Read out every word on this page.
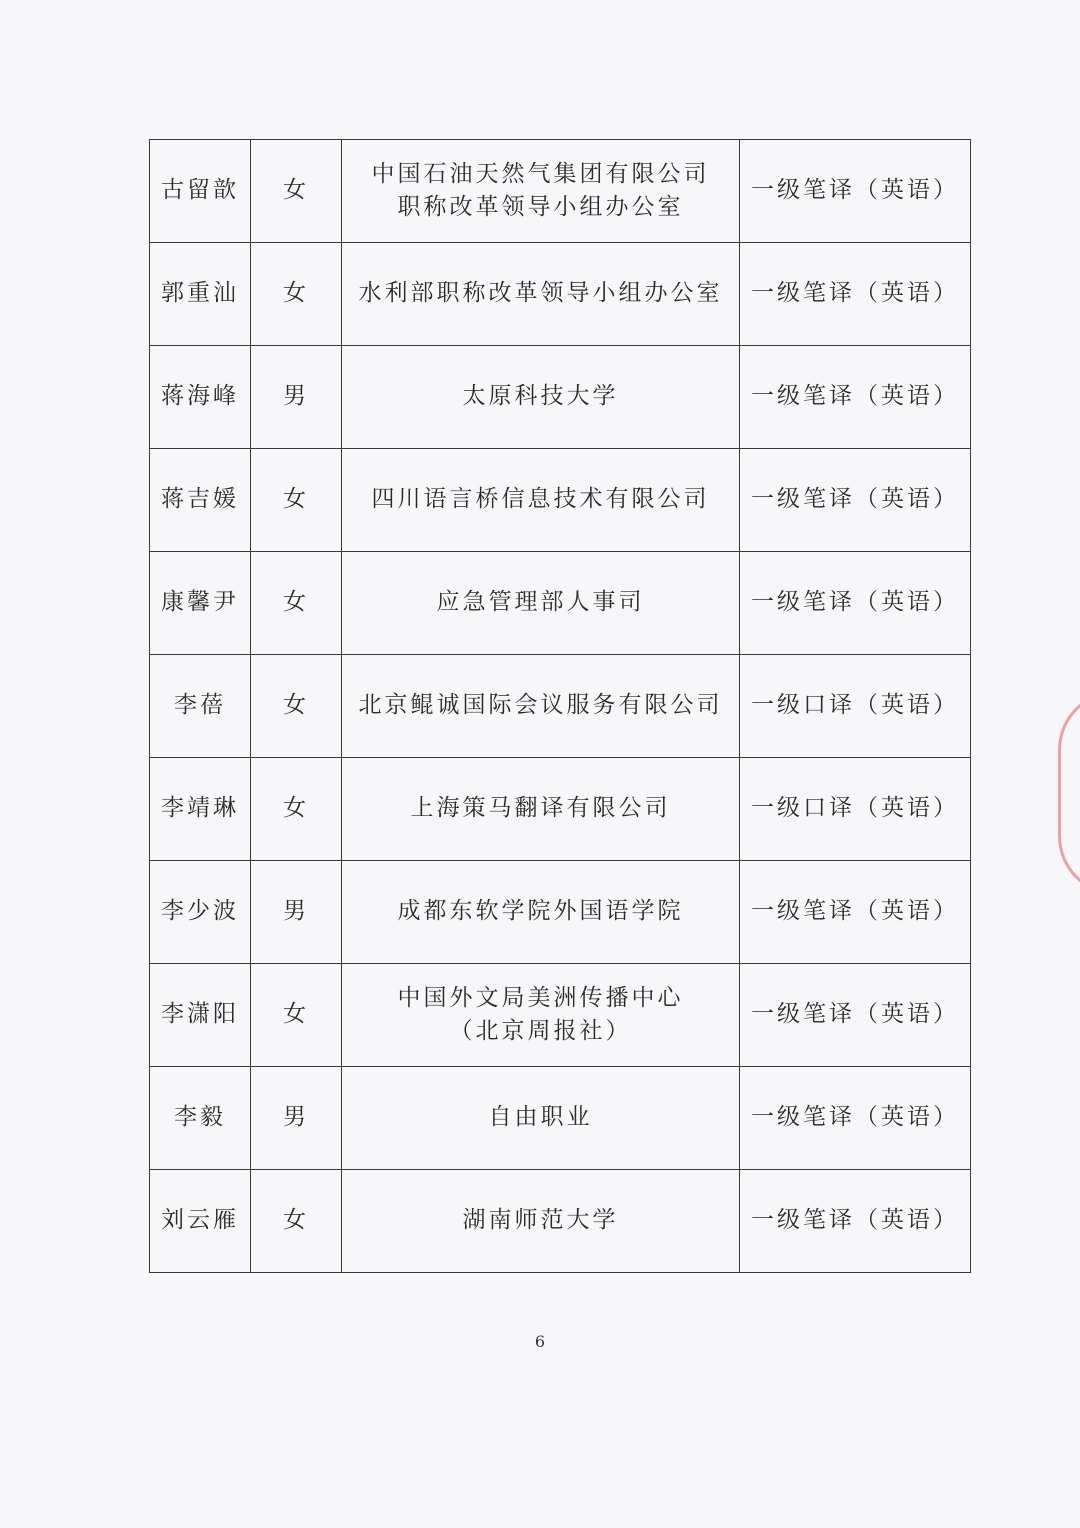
古留歆	女	中国石油天然气集团有限公司
职称改革领导小组办公室	一级笔译（英语）
郭重汕	女	水利部职称改革领导小组办公室	一级笔译（英语）
蒋海峰	男	太原科技大学	一级笔译（英语）
蒋吉媛	女	四川语言桥信息技术有限公司	一级笔译（英语）
康馨尹	女	应急管理部人事司	一级笔译（英语）
李蓓	女	北京鲲诚国际会议服务有限公司	一级口译（英语）
李靖琳	女	上海策马翻译有限公司	一级口译（英语）
李少波	男	成都东软学院外国语学院	一级笔译（英语）
李潇阳	女	中国外文局美洲传播中心
（北京周报社）	一级笔译（英语）
李毅	男	自由职业	一级笔译（英语）
刘云雁	女	湖南师范大学	一级笔译（英语）
6
